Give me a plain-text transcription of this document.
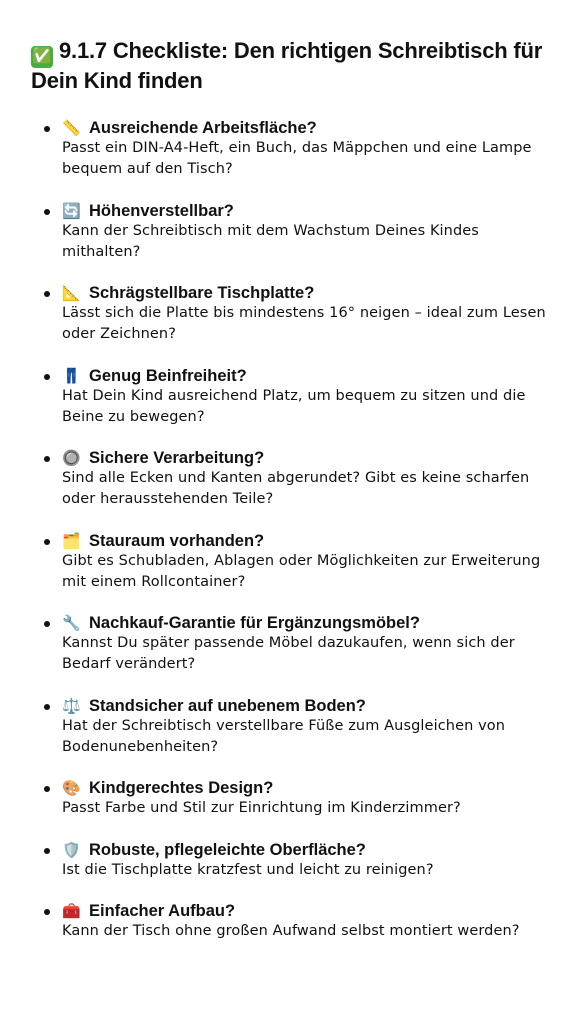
✅ 9.1.7 Checkliste: Den richtigen Schreibtisch für Dein Kind finden
📏 Ausreichende Arbeitsfläche?
Passt ein DIN-A4-Heft, ein Buch, das Mäppchen und eine Lampe bequem auf den Tisch?
🔄 Höhenverstellbar?
Kann der Schreibtisch mit dem Wachstum Deines Kindes mithalten?
📐 Schrägstellbare Tischplatte?
Lässt sich die Platte bis mindestens 16° neigen – ideal zum Lesen oder Zeichnen?
👖 Genug Beinfreiheit?
Hat Dein Kind ausreichend Platz, um bequem zu sitzen und die Beine zu bewegen?
🔘 Sichere Verarbeitung?
Sind alle Ecken und Kanten abgerundet? Gibt es keine scharfen oder herausstehenden Teile?
🗂️ Stauraum vorhanden?
Gibt es Schubladen, Ablagen oder Möglichkeiten zur Erweiterung mit einem Rollcontainer?
🔧 Nachkauf-Garantie für Ergänzungsmöbel?
Kannst Du später passende Möbel dazukaufen, wenn sich der Bedarf verändert?
⚖️ Standsicher auf unebenem Boden?
Hat der Schreibtisch verstellbare Füße zum Ausgleichen von Bodenunebenheiten?
🎨 Kindgerechtes Design?
Passt Farbe und Stil zur Einrichtung im Kinderzimmer?
🛡️ Robuste, pflegeleichte Oberfläche?
Ist die Tischplatte kratzfest und leicht zu reinigen?
🧰 Einfacher Aufbau?
Kann der Tisch ohne großen Aufwand selbst montiert werden?
